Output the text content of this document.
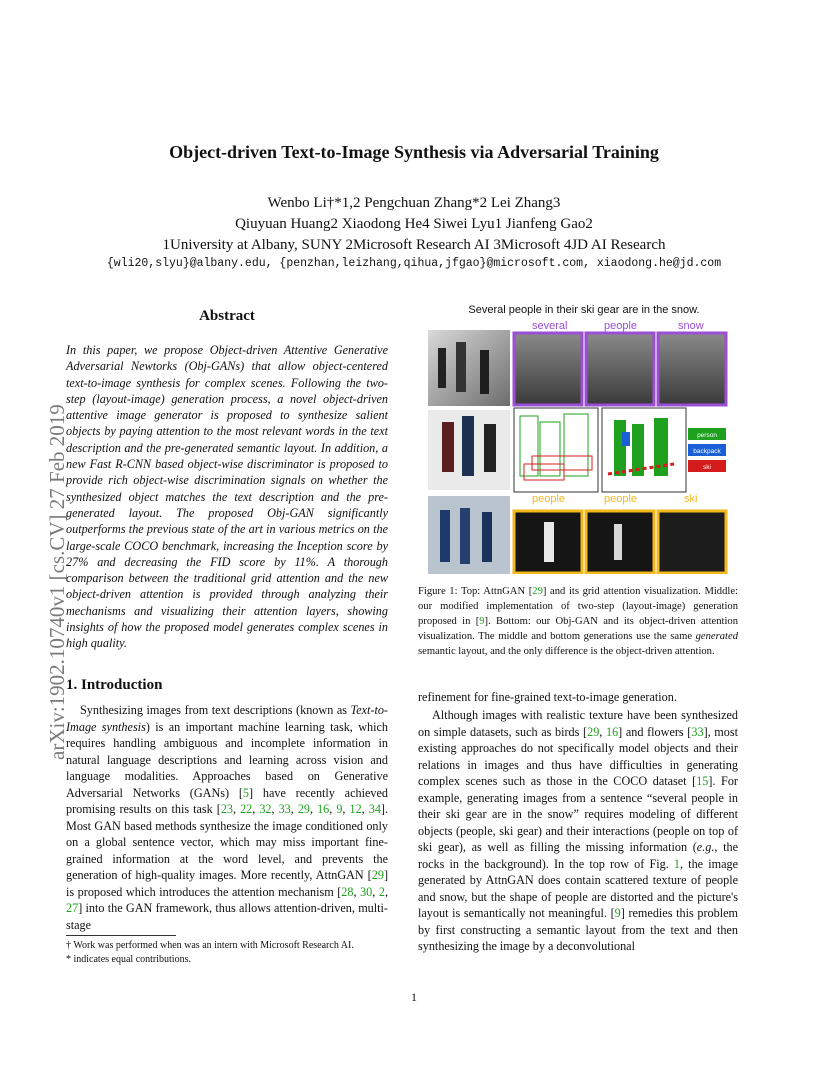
Object-driven Text-to-Image Synthesis via Adversarial Training
Wenbo Li†*1,2 Pengchuan Zhang*2 Lei Zhang3
Qiuyuan Huang2 Xiaodong He4 Siwei Lyu1 Jianfeng Gao2
1University at Albany, SUNY 2Microsoft Research AI 3Microsoft 4JD AI Research
{wli20,slyu}@albany.edu, {penzhan,leizhang,qihua,jfgao}@microsoft.com, xiaodong.he@jd.com
arXiv:1902.10740v1 [cs.CV] 27 Feb 2019
Abstract
In this paper, we propose Object-driven Attentive Generative Adversarial Newtorks (Obj-GANs) that allow object-centered text-to-image synthesis for complex scenes. Following the two-step (layout-image) generation process, a novel object-driven attentive image generator is proposed to synthesize salient objects by paying attention to the most relevant words in the text description and the pre-generated semantic layout. In addition, a new Fast R-CNN based object-wise discriminator is proposed to provide rich object-wise discrimination signals on whether the synthesized object matches the text description and the pre-generated layout. The proposed Obj-GAN significantly outperforms the previous state of the art in various metrics on the large-scale COCO benchmark, increasing the Inception score by 27% and decreasing the FID score by 11%. A thorough comparison between the traditional grid attention and the new object-driven attention is provided through analyzing their mechanisms and visualizing their attention layers, showing insights of how the proposed model generates complex scenes in high quality.
1. Introduction
Synthesizing images from text descriptions (known as Text-to-Image synthesis) is an important machine learning task, which requires handling ambiguous and incomplete information in natural language descriptions and learning across vision and language modalities. Approaches based on Generative Adversarial Networks (GANs) [5] have recently achieved promising results on this task [23, 22, 32, 33, 29, 16, 9, 12, 34]. Most GAN based methods synthesize the image conditioned only on a global sentence vector, which may miss important fine-grained information at the word level, and prevents the generation of high-quality images. More recently, AttnGAN [29] is proposed which introduces the attention mechanism [28, 30, 2, 27] into the GAN framework, thus allows attention-driven, multi-stage
† Work was performed when was an intern with Microsoft Research AI.
* indicates equal contributions.
Several people in their ski gear are in the snow.
person
backpack
ski
several	people	snow
people	people	ski
Figure 1: Top: AttnGAN [29] and its grid attention visualization. Middle: our modified implementation of two-step (layout-image) generation proposed in [9]. Bottom: our Obj-GAN and its object-driven attention visualization. The middle and bottom generations use the same generated semantic layout, and the only difference is the object-driven attention.
refinement for fine-grained text-to-image generation.
Although images with realistic texture have been synthesized on simple datasets, such as birds [29, 16] and flowers [33], most existing approaches do not specifically model objects and their relations in images and thus have difficulties in generating complex scenes such as those in the COCO dataset [15]. For example, generating images from a sentence “several people in their ski gear are in the snow” requires modeling of different objects (people, ski gear) and their interactions (people on top of ski gear), as well as filling the missing information (e.g., the rocks in the background). In the top row of Fig. 1, the image generated by AttnGAN does contain scattered texture of people and snow, but the shape of people are distorted and the picture's layout is semantically not meaningful. [9] remedies this problem by first constructing a semantic layout from the text and then synthesizing the image by a deconvolutional
1
